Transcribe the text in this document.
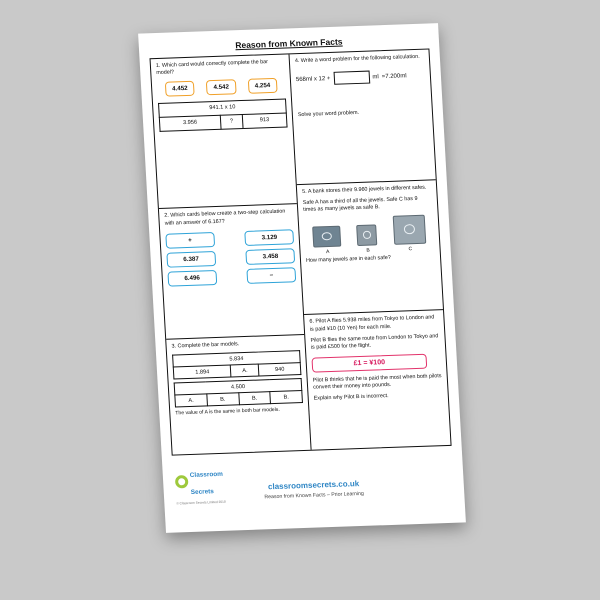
Reason from Known Facts

1. Which card would correctly complete the bar model?

4.452	4.542	4.254
941.1 x 10
3.956	?	913

2. Which cards below create a two-step calculation with an answer of 6.167?

+	3.129
6.387	3.458
6.496	−

3. Complete the bar models.

5.834
1.894	A.	940
4.500
A.	B.	B.	B.

The value of A is the same in both bar models.

4. Write a word problem for the following calculation.

568ml x 12 +	ml =7.200ml

Solve your word problem.

5. A bank stores their 9.960 jewels in different safes.

Safe A has a third of all the jewels. Safe C has 9 times as many jewels as safe B.

A	B	C

How many jewels are in each safe?

6. Pilot A flies 5.938 miles from Tokyo to London and is paid ¥10 (10 Yen) for each mile.

Pilot B flies the same route from London to Tokyo and is paid £500 for the flight.

£1 = ¥100

Pilot B thinks that he is paid the most when both pilots convert their money into pounds.

Explain why Pilot B is incorrect.

Classroom
Secrets
© Classroom Secrets Limited 2018
classroomsecrets.co.uk
Reason from Known Facts – Prior Learning
